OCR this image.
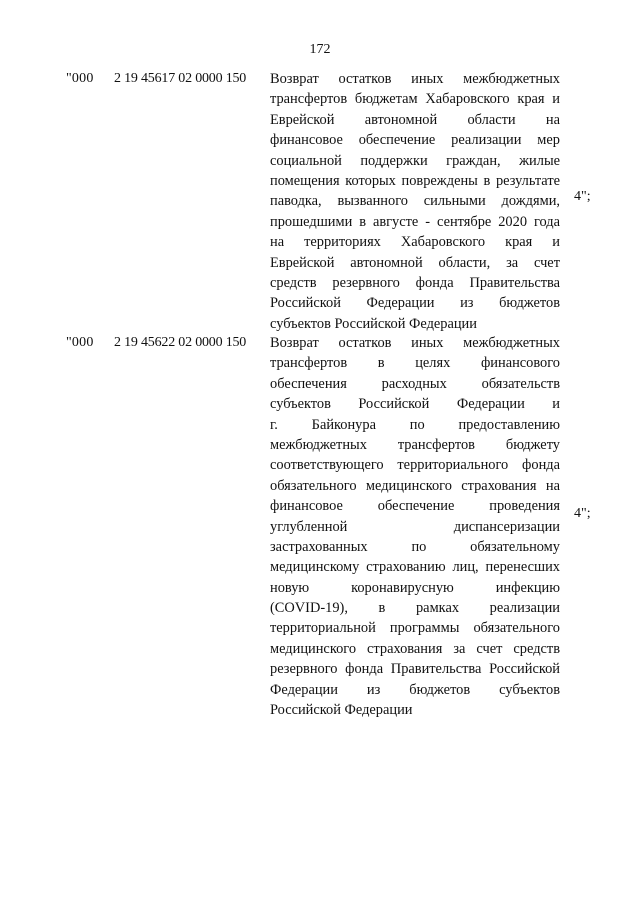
172
"000 2 19 45617 02 0000 150 Возврат остатков иных межбюджетных
трансфертов бюджетам Хабаровского края и
Еврейской автономной области на
финансовое обеспечение реализации мер
социальной поддержки граждан, жилые
помещения которых повреждены в результате
паводка, вызванного сильными дождями,
прошедшими в августе - сентябре 2020 года
на территориях Хабаровского края и
Еврейской автономной области, за счет
средств резервного фонда Правительства
Российской Федерации из бюджетов
субъектов Российской Федерации
4";
"000 2 19 45622 02 0000 150 Возврат остатков иных межбюджетных
трансфертов в целях финансового
обеспечения расходных обязательств
субъектов Российской Федерации и
г. Байконура по предоставлению
межбюджетных трансфертов бюджету
соответствующего территориального фонда
обязательного медицинского страхования на
финансовое обеспечение проведения
углубленной диспансеризации
застрахованных по обязательному
медицинскому страхованию лиц, перенесших
новую коронавирусную инфекцию
(COVID-19), в рамках реализации
территориальной программы обязательного
медицинского страхования за счет средств
резервного фонда Правительства Российской
Федерации из бюджетов субъектов
Российской Федерации
4";
